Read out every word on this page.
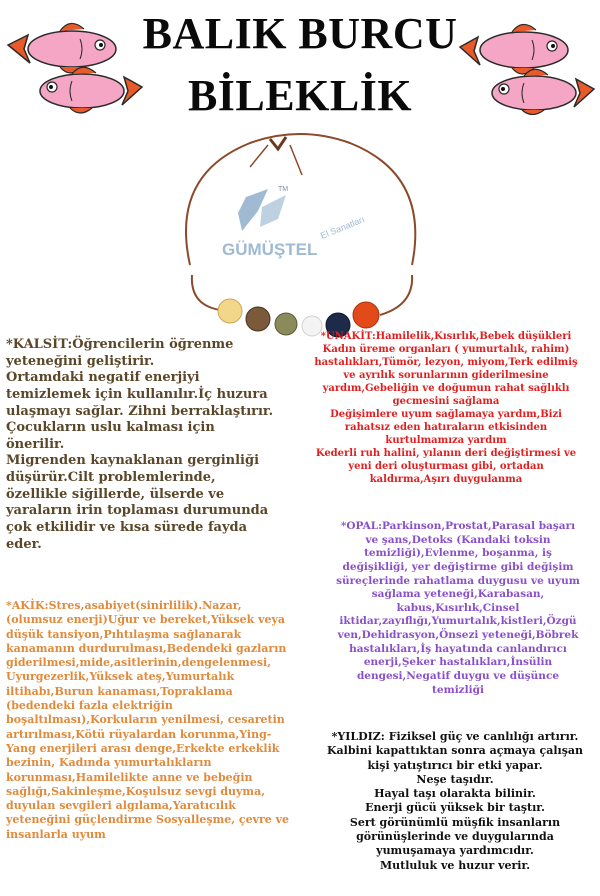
BALIK BURCU
BİLEKLİK
TM
GÜMÜŞTEL
El Sanatları
*KALSİT:Öğrencilerin öğrenme
yeteneğini geliştirir.
Ortamdaki negatif enerjiyi
temizlemek için kullanılır.İç huzura
ulaşmayı sağlar. Zihni berraklaştırır.
Çocukların uslu kalması için
önerilir.
Migrenden kaynaklanan gerginliği
düşürür.Cilt problemlerinde,
özellikle siğillerde, ülserde ve
yaraların irin toplaması durumunda
çok etkilidir ve kısa sürede fayda
eder.
*UNAKİT:Hamilelik,Kısırlık,Bebek düşükleri
Kadın üreme organları ( yumurtalık, rahim)
hastalıkları,Tümör, lezyon, miyom,Terk edilmiş
ve ayrılık sorunlarının giderilmesine
yardım,Gebeliğin ve doğumun rahat sağlıklı
gecmesini sağlama
Değişimlere uyum sağlamaya yardım,Bizi
rahatsız eden hatıraların etkisinden
kurtulmamıza yardım
Kederli ruh halini, yılanın deri değiştirmesi ve
yeni deri oluşturması gibi, ortadan
kaldırma,Aşırı duygulanma
*OPAL:Parkinson,Prostat,Parasal başarı
ve şans,Detoks (Kandaki toksin
temizliği),Evlenme, boşanma, iş
değişikliği, yer değiştirme gibi değişim
süreçlerinde rahatlama duygusu ve uyum
sağlama yeteneği,Karabasan,
kabus,Kısırlık,Cinsel
iktidar,zayıflığı,Yumurtalık,kistleri,Özgü
ven,Dehidrasyon,Önsezi yeteneği,Böbrek
hastalıkları,İş hayatında canlandırıcı
enerji,Şeker hastalıkları,İnsülin
dengesi,Negatif duygu ve düşünce
temizliği
*AKİK:Stres,asabiyet(sinirlilik).Nazar,
(olumsuz enerji)Uğur ve bereket,Yüksek veya
düşük tansiyon,Pıhtılaşma sağlanarak
kanamanın durdurulması,Bedendeki gazların
giderilmesi,mide,asitlerinin,dengelenmesi,
Uyurgezerlik,Yüksek ateş,Yumurtalık
iltihabı,Burun kanaması,Topraklama
(bedendeki fazla elektriğin
boşaltılması),Korkuların yenilmesi, cesaretin
artırılması,Kötü rüyalardan korunma,Ying-
Yang enerjileri arası denge,Erkekte erkeklik
bezinin, Kadında yumurtalıkların
korunması,Hamilelikte anne ve bebeğin
sağlığı,Sakinleşme,Koşulsuz sevgi duyma,
duyulan sevgileri algılama,Yaratıcılık
yeteneğini güçlendirme Sosyalleşme, çevre ve
insanlarla uyum
*YILDIZ: Fiziksel güç ve canlılığı artırır.
Kalbini kapattıktan sonra açmaya çalışan
kişi yatıştırıcı bir etki yapar.
Neşe taşıdır.
Hayal taşı olarakta bilinir.
Enerji gücü yüksek bir taştır.
Sert görünümlü müşfik insanların
görünüşlerinde ve duygularında
yumuşamaya yardımcıdır.
Mutluluk ve huzur verir.
